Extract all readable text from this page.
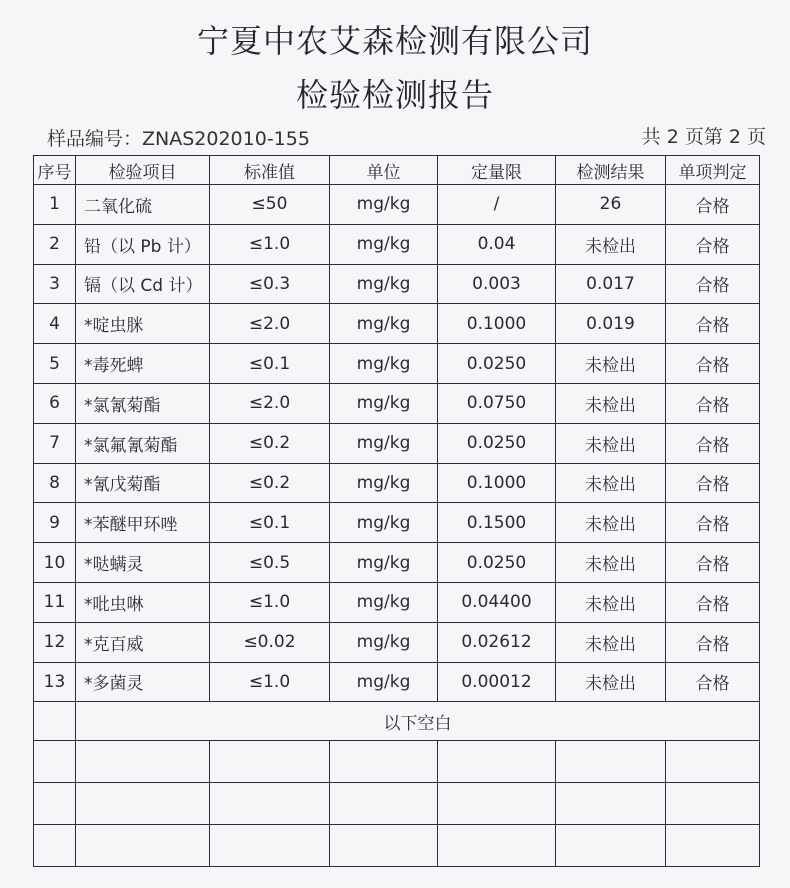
宁夏中农艾森检测有限公司
检验检测报告
样品编号：ZNAS202010-155	共 2 页第 2 页
序号	检验项目	标准值	单位	定量限	检测结果	单项判定
1	二氧化硫	≤50	mg/kg	/	26	合格
2	铅（以 Pb 计）	≤1.0	mg/kg	0.04	未检出	合格
3	镉（以 Cd 计）	≤0.3	mg/kg	0.003	0.017	合格
4	*啶虫脒	≤2.0	mg/kg	0.1000	0.019	合格
5	*毒死蜱	≤0.1	mg/kg	0.0250	未检出	合格
6	*氯氰菊酯	≤2.0	mg/kg	0.0750	未检出	合格
7	*氯氟氰菊酯	≤0.2	mg/kg	0.0250	未检出	合格
8	*氰戊菊酯	≤0.2	mg/kg	0.1000	未检出	合格
9	*苯醚甲环唑	≤0.1	mg/kg	0.1500	未检出	合格
10	*哒螨灵	≤0.5	mg/kg	0.0250	未检出	合格
11	*吡虫啉	≤1.0	mg/kg	0.04400	未检出	合格
12	*克百威	≤0.02	mg/kg	0.02612	未检出	合格
13	*多菌灵	≤1.0	mg/kg	0.00012	未检出	合格
	以下空白					
